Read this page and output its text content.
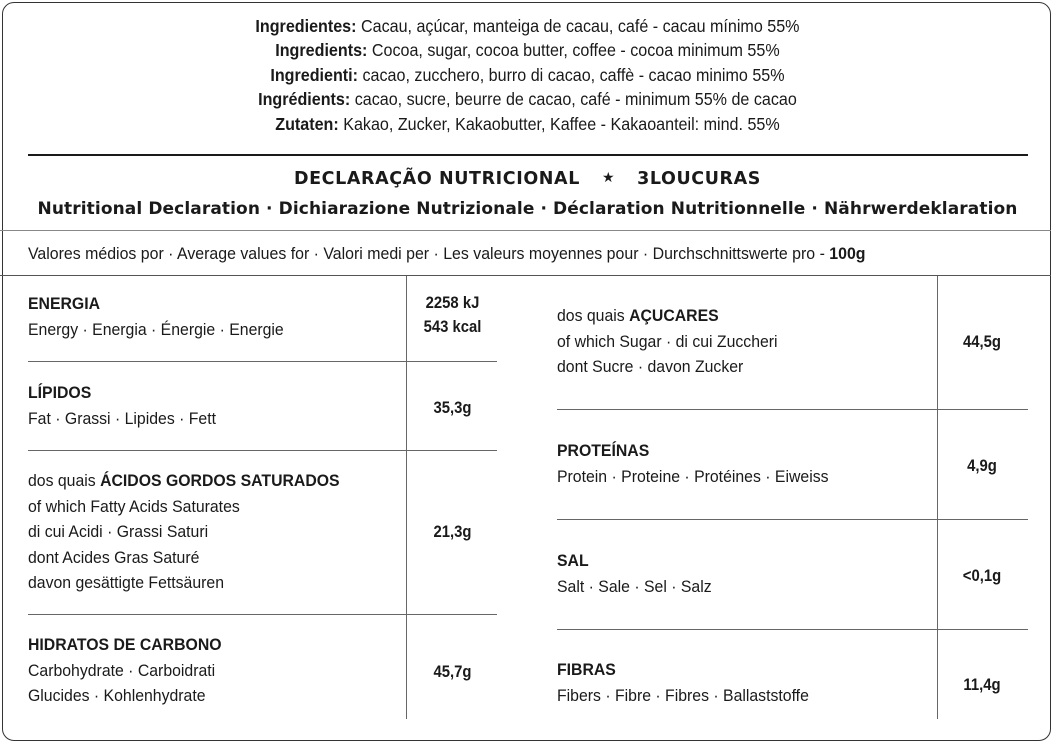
Ingredientes: Cacau, açúcar, manteiga de cacau, café - cacau mínimo 55%
Ingredients: Cocoa, sugar, cocoa butter, coffee - cocoa minimum 55%
Ingredienti: cacao, zucchero, burro di cacao, caffè - cacao minimo 55%
Ingrédients: cacao, sucre, beurre de cacao, café - minimum 55% de cacao
Zutaten: Kakao, Zucker, Kakaobutter, Kaffee - Kakaoanteil: mind. 55%
DECLARAÇÃO NUTRICIONAL ★ 3LOUCURAS
Nutritional Declaration · Dichiarazione Nutrizionale · Déclaration Nutritionnelle · Nährwerdeklaration
Valores médios por · Average values for · Valori medi per · Les valeurs moyennes pour · Durchschnittswerte pro - 100g
ENERGIA
Energy · Energia · Énergie · Energie
2258 kJ
543 kcal
LÍPIDOS
Fat · Grassi · Lipides · Fett
35,3g
dos quais ÁCIDOS GORDOS SATURADOS
of which Fatty Acids Saturates
di cui Acidi · Grassi Saturi
dont Acides Gras Saturé
davon gesättigte Fettsäuren
21,3g
HIDRATOS DE CARBONO
Carbohydrate · Carboidrati
Glucides · Kohlenhydrate
45,7g
dos quais AÇUCARES
of which Sugar · di cui Zuccheri
dont Sucre · davon Zucker
44,5g
PROTEÍNAS
Protein · Proteine · Protéines · Eiweiss
4,9g
SAL
Salt · Sale · Sel · Salz
<0,1g
FIBRAS
Fibers · Fibre · Fibres · Ballaststoffe
11,4g
